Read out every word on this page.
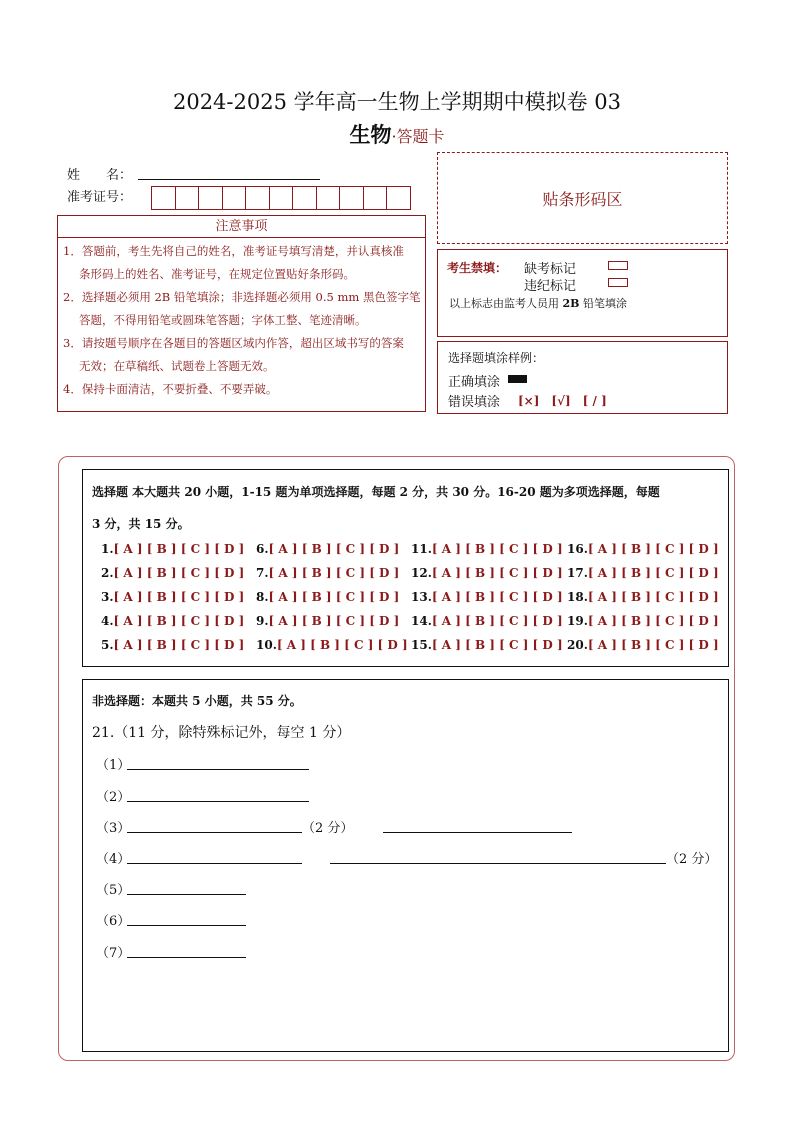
2024-2025 学年高一生物上学期期中模拟卷 03
生物·答题卡
姓　　名：
准考证号：
注意事项
1．答题前，考生先将自己的姓名，准考证号填写清楚，并认真核准
条形码上的姓名、准考证号，在规定位置贴好条形码。
2．选择题必须用 2B 铅笔填涂；非选择题必须用 0.5 mm 黑色签字笔
答题，不得用铅笔或圆珠笔答题；字体工整、笔迹清晰。
3．请按题号顺序在各题目的答题区域内作答，超出区域书写的答案
无效；在草稿纸、试题卷上答题无效。
4．保持卡面清洁，不要折叠、不要弄破。
贴条形码区
考生禁填： 缺考标记
违纪标记
以上标志由监考人员用 2B 铅笔填涂
选择题填涂样例：
正确填涂
错误填涂 [×]　[√]　[ / ]
选择题 本大题共 20 小题，1-15 题为单项选择题，每题 2 分，共 30 分。16-20 题为多项选择题，每题
3 分，共 15 分。
1.[ A ] [ B ] [ C ] [ D ]
2.[ A ] [ B ] [ C ] [ D ]
3.[ A ] [ B ] [ C ] [ D ]
4.[ A ] [ B ] [ C ] [ D ]
5.[ A ] [ B ] [ C ] [ D ]
6.[ A ] [ B ] [ C ] [ D ]
7.[ A ] [ B ] [ C ] [ D ]
8.[ A ] [ B ] [ C ] [ D ]
9.[ A ] [ B ] [ C ] [ D ]
10.[ A ] [ B ] [ C ] [ D ]
11.[ A ] [ B ] [ C ] [ D ]
12.[ A ] [ B ] [ C ] [ D ]
13.[ A ] [ B ] [ C ] [ D ]
14.[ A ] [ B ] [ C ] [ D ]
15.[ A ] [ B ] [ C ] [ D ]
16.[ A ] [ B ] [ C ] [ D ]
17.[ A ] [ B ] [ C ] [ D ]
18.[ A ] [ B ] [ C ] [ D ]
19.[ A ] [ B ] [ C ] [ D ]
20.[ A ] [ B ] [ C ] [ D ]
非选择题：本题共 5 小题，共 55 分。
21.（11 分，除特殊标记外，每空 1 分）
（1）
（2）
（3）	（2 分）
（4）	（2 分）
（5）
（6）
（7）
